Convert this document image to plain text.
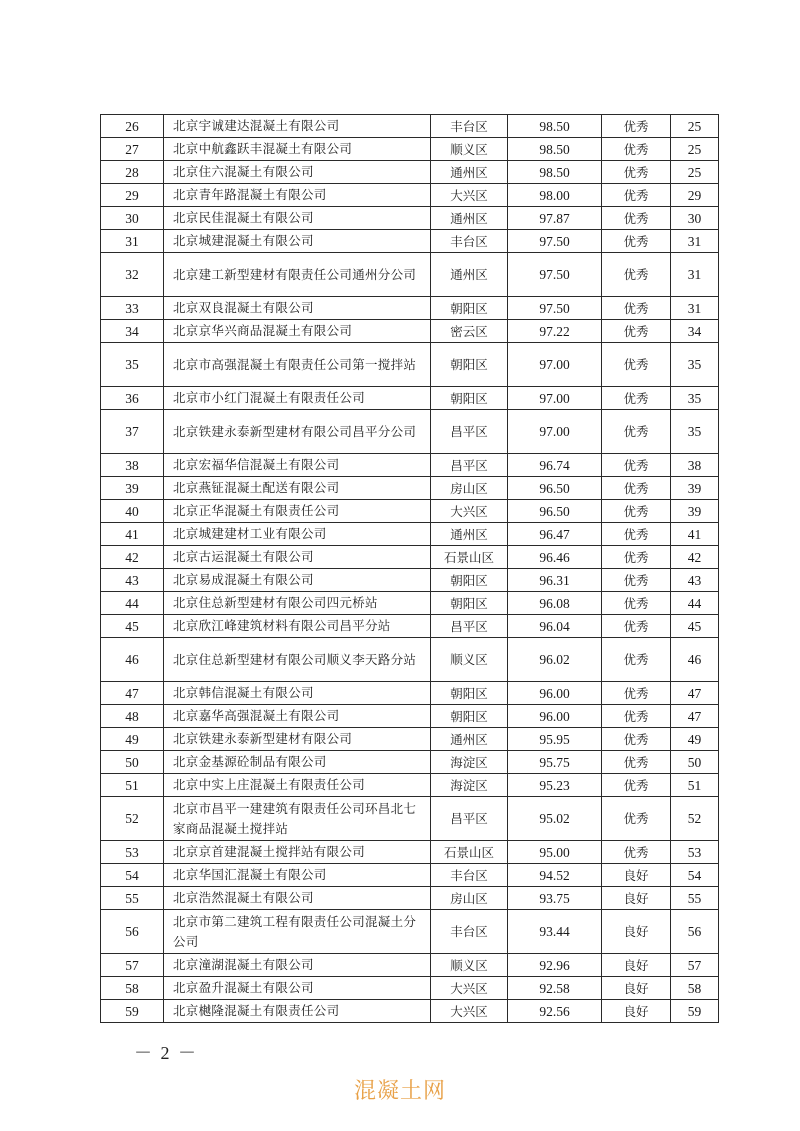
26	北京宇诚建达混凝土有限公司	丰台区	98.50	优秀	25
27	北京中航鑫跃丰混凝土有限公司	顺义区	98.50	优秀	25
28	北京住六混凝土有限公司	通州区	98.50	优秀	25
29	北京青年路混凝土有限公司	大兴区	98.00	优秀	29
30	北京民佳混凝土有限公司	通州区	97.87	优秀	30
31	北京城建混凝土有限公司	丰台区	97.50	优秀	31
32	北京建工新型建材有限责任公司通州分公司	通州区	97.50	优秀	31
33	北京双良混凝土有限公司	朝阳区	97.50	优秀	31
34	北京京华兴商品混凝土有限公司	密云区	97.22	优秀	34
35	北京市高强混凝土有限责任公司第一搅拌站	朝阳区	97.00	优秀	35
36	北京市小红门混凝土有限责任公司	朝阳区	97.00	优秀	35
37	北京铁建永泰新型建材有限公司昌平分公司	昌平区	97.00	优秀	35
38	北京宏福华信混凝土有限公司	昌平区	96.74	优秀	38
39	北京燕钲混凝土配送有限公司	房山区	96.50	优秀	39
40	北京正华混凝土有限责任公司	大兴区	96.50	优秀	39
41	北京城建建材工业有限公司	通州区	96.47	优秀	41
42	北京古运混凝土有限公司	石景山区	96.46	优秀	42
43	北京易成混凝土有限公司	朝阳区	96.31	优秀	43
44	北京住总新型建材有限公司四元桥站	朝阳区	96.08	优秀	44
45	北京欣江峰建筑材料有限公司昌平分站	昌平区	96.04	优秀	45
46	北京住总新型建材有限公司顺义李天路分站	顺义区	96.02	优秀	46
47	北京韩信混凝土有限公司	朝阳区	96.00	优秀	47
48	北京嘉华高强混凝土有限公司	朝阳区	96.00	优秀	47
49	北京铁建永泰新型建材有限公司	通州区	95.95	优秀	49
50	北京金基源砼制品有限公司	海淀区	95.75	优秀	50
51	北京中实上庄混凝土有限责任公司	海淀区	95.23	优秀	51
52	北京市昌平一建建筑有限责任公司环昌北七家商品混凝土搅拌站	昌平区	95.02	优秀	52
53	北京京首建混凝土搅拌站有限公司	石景山区	95.00	优秀	53
54	北京华国汇混凝土有限公司	丰台区	94.52	良好	54
55	北京浩然混凝土有限公司	房山区	93.75	良好	55
56	北京市第二建筑工程有限责任公司混凝土分公司	丰台区	93.44	良好	56
57	北京潼湖混凝土有限公司	顺义区	92.96	良好	57
58	北京盈升混凝土有限公司	大兴区	92.58	良好	58
59	北京樾隆混凝土有限责任公司	大兴区	92.56	良好	59
－ 2 －
混凝土网
